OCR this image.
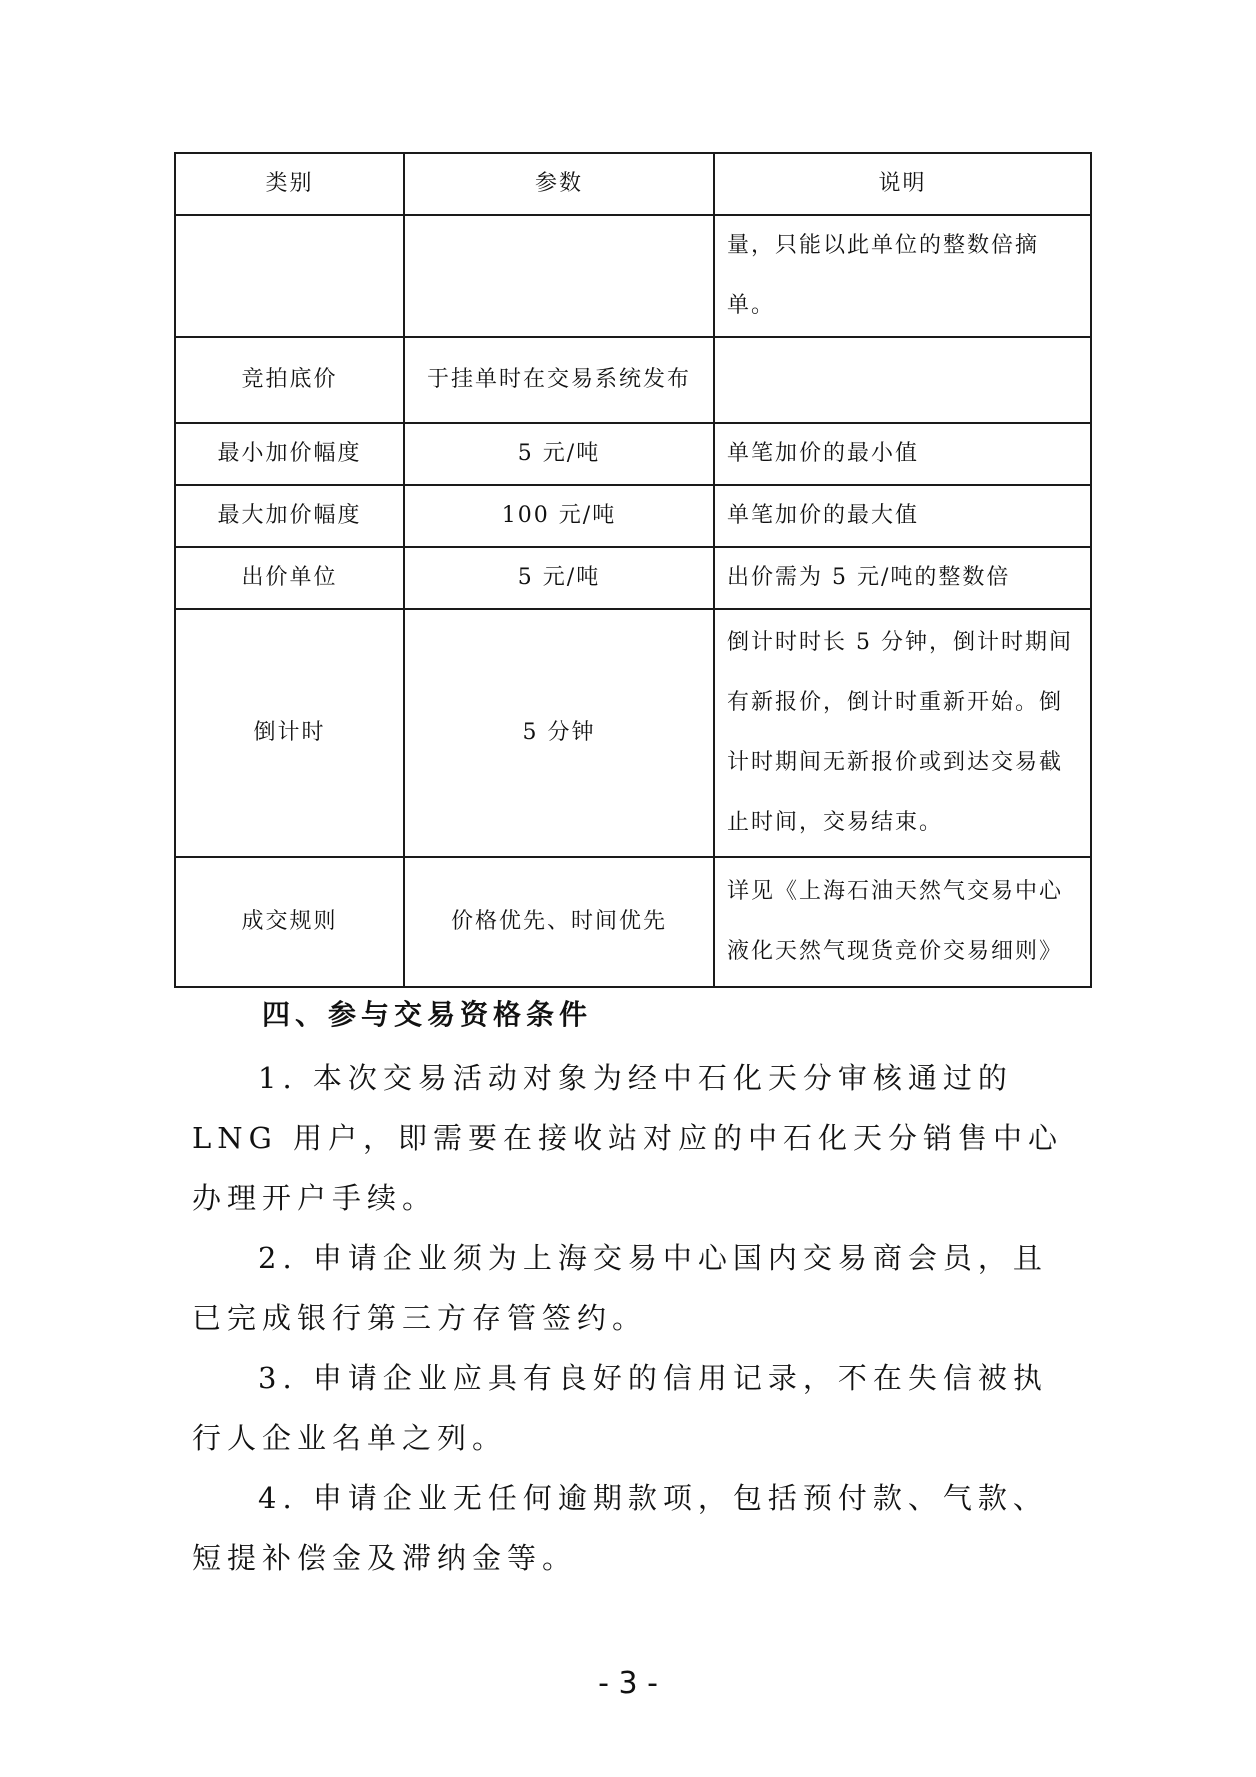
类别	参数	说明
		量，只能以此单位的整数倍摘单。
竞拍底价	于挂单时在交易系统发布	
最小加价幅度	5 元/吨	单笔加价的最小值
最大加价幅度	100 元/吨	单笔加价的最大值
出价单位	5 元/吨	出价需为 5 元/吨的整数倍
倒计时	5 分钟	倒计时时长 5 分钟，倒计时期间有新报价，倒计时重新开始。倒计时期间无新报价或到达交易截止时间，交易结束。
成交规则	价格优先、时间优先	详见《上海石油天然气交易中心液化天然气现货竞价交易细则》
四、参与交易资格条件

1. 本次交易活动对象为经中石化天分审核通过的 LNG 用户，即需要在接收站对应的中石化天分销售中心办理开户手续。

2. 申请企业须为上海交易中心国内交易商会员，且已完成银行第三方存管签约。

3. 申请企业应具有良好的信用记录，不在失信被执行人企业名单之列。

4. 申请企业无任何逾期款项，包括预付款、气款、短提补偿金及滞纳金等。

- 3 -
